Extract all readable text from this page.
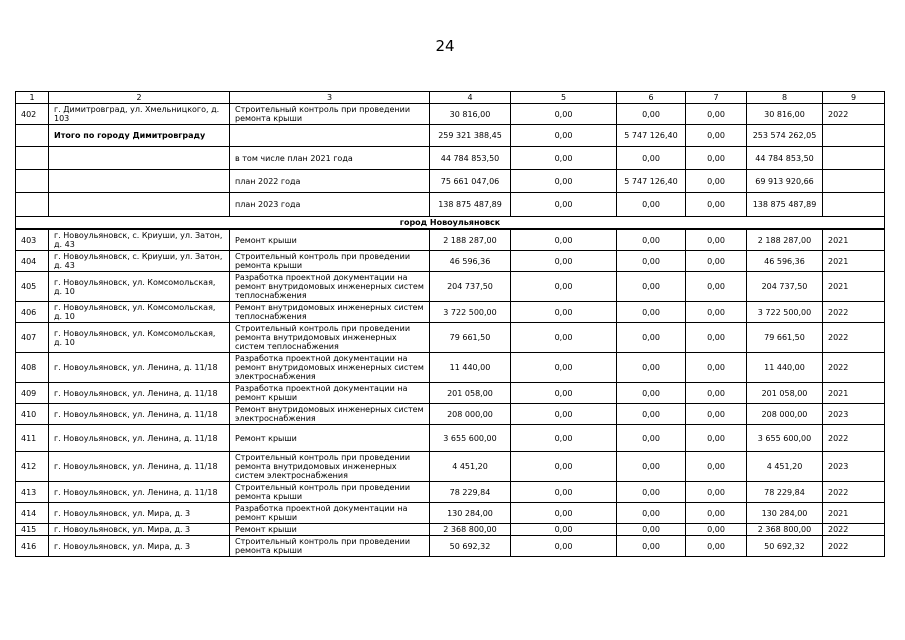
24
1	2	3	4	5	6	7	8	9
402	г. Димитровград, ул. Хмельницкого, д. 103	Строительный контроль при проведении ремонта крыши	30 816,00	0,00	0,00	0,00	30 816,00	2022
	Итого по городу Димитровграду		259 321 388,45	0,00	5 747 126,40	0,00	253 574 262,05	
		в том числе план 2021 года	44 784 853,50	0,00	0,00	0,00	44 784 853,50	
		план 2022 года	75 661 047,06	0,00	5 747 126,40	0,00	69 913 920,66	
		план 2023 года	138 875 487,89	0,00	0,00	0,00	138 875 487,89	
город Новоульяновск								
403	г. Новоульяновск, с. Криуши, ул. Затон, д. 43	Ремонт крыши	2 188 287,00	0,00	0,00	0,00	2 188 287,00	2021
404	г. Новоульяновск, с. Криуши, ул. Затон, д. 43	Строительный контроль при проведении ремонта крыши	46 596,36	0,00	0,00	0,00	46 596,36	2021
405	г. Новоульяновск, ул. Комсомольская, д. 10	Разработка проектной документации на ремонт внутридомовых инженерных систем теплоснабжения	204 737,50	0,00	0,00	0,00	204 737,50	2021
406	г. Новоульяновск, ул. Комсомольская, д. 10	Ремонт внутридомовых инженерных систем теплоснабжения	3 722 500,00	0,00	0,00	0,00	3 722 500,00	2022
407	г. Новоульяновск, ул. Комсомольская, д. 10	Строительный контроль при проведении ремонта внутридомовых инженерных систем теплоснабжения	79 661,50	0,00	0,00	0,00	79 661,50	2022
408	г. Новоульяновск, ул. Ленина, д. 11/18	Разработка проектной документации на ремонт внутридомовых инженерных систем электроснабжения	11 440,00	0,00	0,00	0,00	11 440,00	2022
409	г. Новоульяновск, ул. Ленина, д. 11/18	Разработка проектной документации на ремонт крыши	201 058,00	0,00	0,00	0,00	201 058,00	2021
410	г. Новоульяновск, ул. Ленина, д. 11/18	Ремонт внутридомовых инженерных систем электроснабжения	208 000,00	0,00	0,00	0,00	208 000,00	2023
411	г. Новоульяновск, ул. Ленина, д. 11/18	Ремонт крыши	3 655 600,00	0,00	0,00	0,00	3 655 600,00	2022
412	г. Новоульяновск, ул. Ленина, д. 11/18	Строительный контроль при проведении ремонта внутридомовых инженерных систем электроснабжения	4 451,20	0,00	0,00	0,00	4 451,20	2023
413	г. Новоульяновск, ул. Ленина, д. 11/18	Строительный контроль при проведении ремонта крыши	78 229,84	0,00	0,00	0,00	78 229,84	2022
414	г. Новоульяновск, ул. Мира, д. 3	Разработка проектной документации на ремонт крыши	130 284,00	0,00	0,00	0,00	130 284,00	2021
415	г. Новоульяновск, ул. Мира, д. 3	Ремонт крыши	2 368 800,00	0,00	0,00	0,00	2 368 800,00	2022
416	г. Новоульяновск, ул. Мира, д. 3	Строительный контроль при проведении ремонта крыши	50 692,32	0,00	0,00	0,00	50 692,32	2022
